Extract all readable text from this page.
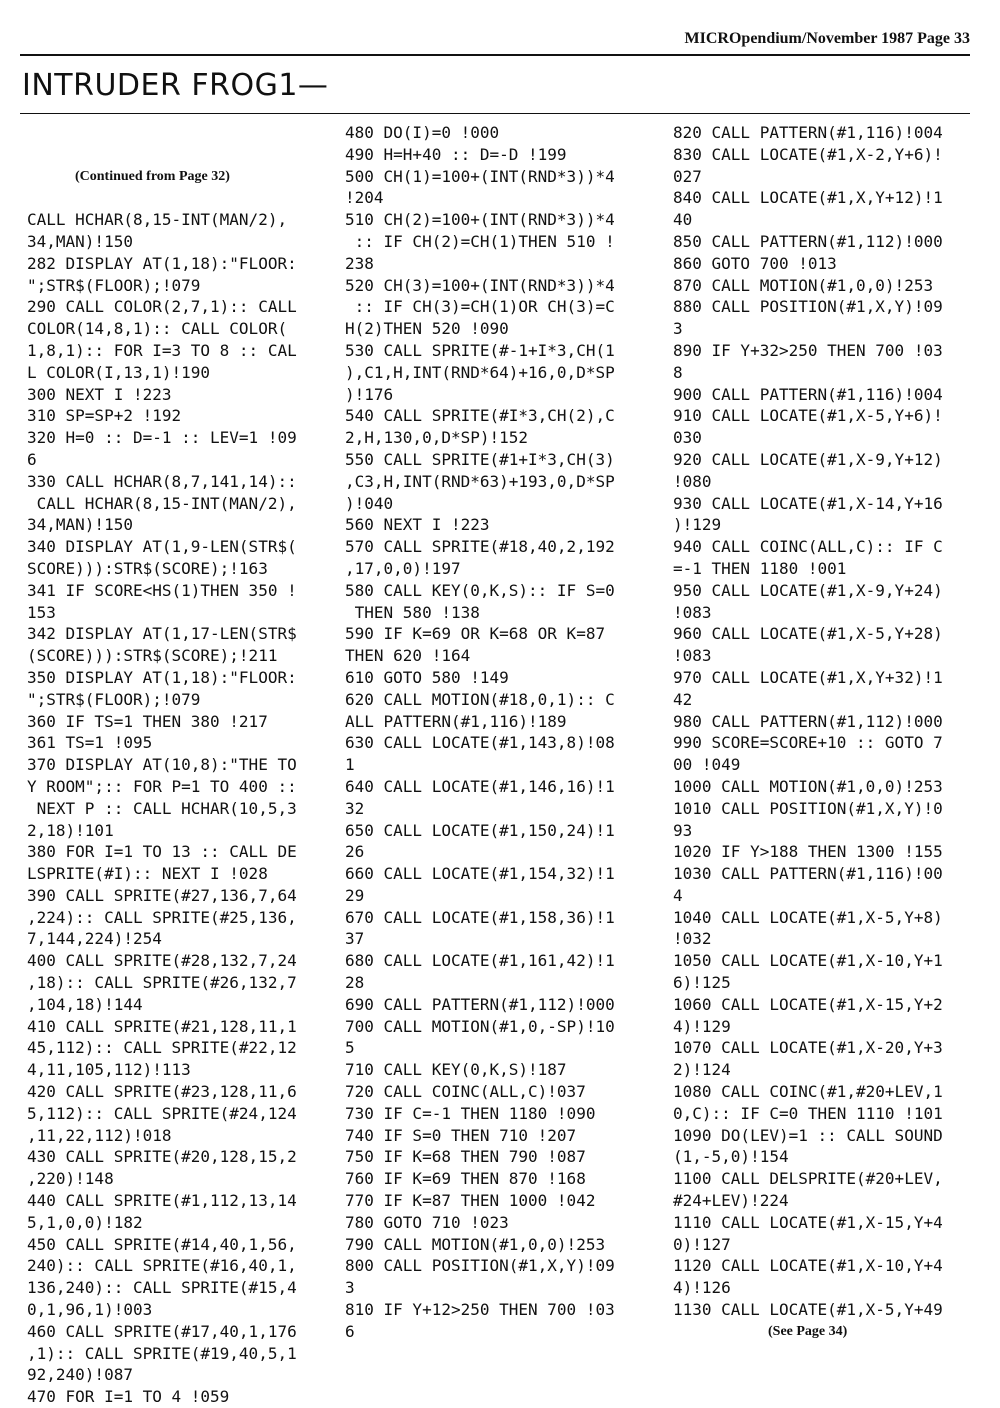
MICROpendium/November 1987 Page 33
INTRUDER FROG1—

(Continued from Page 32)

CALL HCHAR(8,15-INT(MAN/2),
34,MAN)!150
282 DISPLAY AT(1,18):"FLOOR:
";STR$(FLOOR);!079
290 CALL COLOR(2,7,1):: CALL
COLOR(14,8,1):: CALL COLOR(
1,8,1):: FOR I=3 TO 8 :: CAL
L COLOR(I,13,1)!190
300 NEXT I !223
310 SP=SP+2 !192
320 H=0 :: D=-1 :: LEV=1 !09
6
330 CALL HCHAR(8,7,141,14)::
CALL HCHAR(8,15-INT(MAN/2),
34,MAN)!150
340 DISPLAY AT(1,9-LEN(STR$(
SCORE))):STR$(SCORE);!163
341 IF SCORE<HS(1)THEN 350 !
153
342 DISPLAY AT(1,17-LEN(STR$
(SCORE))):STR$(SCORE);!211
350 DISPLAY AT(1,18):"FLOOR:
";STR$(FLOOR);!079
360 IF TS=1 THEN 380 !217
361 TS=1 !095
370 DISPLAY AT(10,8):"THE TO
Y ROOM";:: FOR P=1 TO 400 ::
NEXT P :: CALL HCHAR(10,5,3
2,18)!101
380 FOR I=1 TO 13 :: CALL DE
LSPRITE(#I):: NEXT I !028
390 CALL SPRITE(#27,136,7,64
,224):: CALL SPRITE(#25,136,
7,144,224)!254
400 CALL SPRITE(#28,132,7,24
,18):: CALL SPRITE(#26,132,7
,104,18)!144
410 CALL SPRITE(#21,128,11,1
45,112):: CALL SPRITE(#22,12
4,11,105,112)!113
420 CALL SPRITE(#23,128,11,6
5,112):: CALL SPRITE(#24,124
,11,22,112)!018
430 CALL SPRITE(#20,128,15,2
,220)!148
440 CALL SPRITE(#1,112,13,14
5,1,0,0)!182
450 CALL SPRITE(#14,40,1,56,
240):: CALL SPRITE(#16,40,1,
136,240):: CALL SPRITE(#15,4
0,1,96,1)!003
460 CALL SPRITE(#17,40,1,176
,1):: CALL SPRITE(#19,40,5,1
92,240)!087
470 FOR I=1 TO 4 !059
480 DO(I)=0 !000
490 H=H+40 :: D=-D !199
500 CH(1)=100+(INT(RND*3))*4
!204
510 CH(2)=100+(INT(RND*3))*4
:: IF CH(2)=CH(1)THEN 510 !
238
520 CH(3)=100+(INT(RND*3))*4
:: IF CH(3)=CH(1)OR CH(3)=C
H(2)THEN 520 !090
530 CALL SPRITE(#-1+I*3,CH(1
),C1,H,INT(RND*64)+16,0,D*SP
)!176
540 CALL SPRITE(#I*3,CH(2),C
2,H,130,0,D*SP)!152
550 CALL SPRITE(#1+I*3,CH(3)
,C3,H,INT(RND*63)+193,0,D*SP
)!040
560 NEXT I !223
570 CALL SPRITE(#18,40,2,192
,17,0,0)!197
580 CALL KEY(0,K,S):: IF S=0
THEN 580 !138
590 IF K=69 OR K=68 OR K=87
THEN 620 !164
610 GOTO 580 !149
620 CALL MOTION(#18,0,1):: C
ALL PATTERN(#1,116)!189
630 CALL LOCATE(#1,143,8)!08
1
640 CALL LOCATE(#1,146,16)!1
32
650 CALL LOCATE(#1,150,24)!1
26
660 CALL LOCATE(#1,154,32)!1
29
670 CALL LOCATE(#1,158,36)!1
37
680 CALL LOCATE(#1,161,42)!1
28
690 CALL PATTERN(#1,112)!000
700 CALL MOTION(#1,0,-SP)!10
5
710 CALL KEY(0,K,S)!187
720 CALL COINC(ALL,C)!037
730 IF C=-1 THEN 1180 !090
740 IF S=0 THEN 710 !207
750 IF K=68 THEN 790 !087
760 IF K=69 THEN 870 !168
770 IF K=87 THEN 1000 !042
780 GOTO 710 !023
790 CALL MOTION(#1,0,0)!253
800 CALL POSITION(#1,X,Y)!09
3
810 IF Y+12>250 THEN 700 !03
6
820 CALL PATTERN(#1,116)!004
830 CALL LOCATE(#1,X-2,Y+6)!
027
840 CALL LOCATE(#1,X,Y+12)!1
40
850 CALL PATTERN(#1,112)!000
860 GOTO 700 !013
870 CALL MOTION(#1,0,0)!253
880 CALL POSITION(#1,X,Y)!09
3
890 IF Y+32>250 THEN 700 !03
8
900 CALL PATTERN(#1,116)!004
910 CALL LOCATE(#1,X-5,Y+6)!
030
920 CALL LOCATE(#1,X-9,Y+12)
!080
930 CALL LOCATE(#1,X-14,Y+16
)!129
940 CALL COINC(ALL,C):: IF C
=-1 THEN 1180 !001
950 CALL LOCATE(#1,X-9,Y+24)
!083
960 CALL LOCATE(#1,X-5,Y+28)
!083
970 CALL LOCATE(#1,X,Y+32)!1
42
980 CALL PATTERN(#1,112)!000
990 SCORE=SCORE+10 :: GOTO 7
00 !049
1000 CALL MOTION(#1,0,0)!253
1010 CALL POSITION(#1,X,Y)!0
93
1020 IF Y>188 THEN 1300 !155
1030 CALL PATTERN(#1,116)!00
4
1040 CALL LOCATE(#1,X-5,Y+8)
!032
1050 CALL LOCATE(#1,X-10,Y+1
6)!125
1060 CALL LOCATE(#1,X-15,Y+2
4)!129
1070 CALL LOCATE(#1,X-20,Y+3
2)!124
1080 CALL COINC(#1,#20+LEV,1
0,C):: IF C=0 THEN 1110 !101
1090 DO(LEV)=1 :: CALL SOUND
(1,-5,0)!154
1100 CALL DELSPRITE(#20+LEV,
#24+LEV)!224
1110 CALL LOCATE(#1,X-15,Y+4
0)!127
1120 CALL LOCATE(#1,X-10,Y+4
4)!126
1130 CALL LOCATE(#1,X-5,Y+49
(See Page 34)
